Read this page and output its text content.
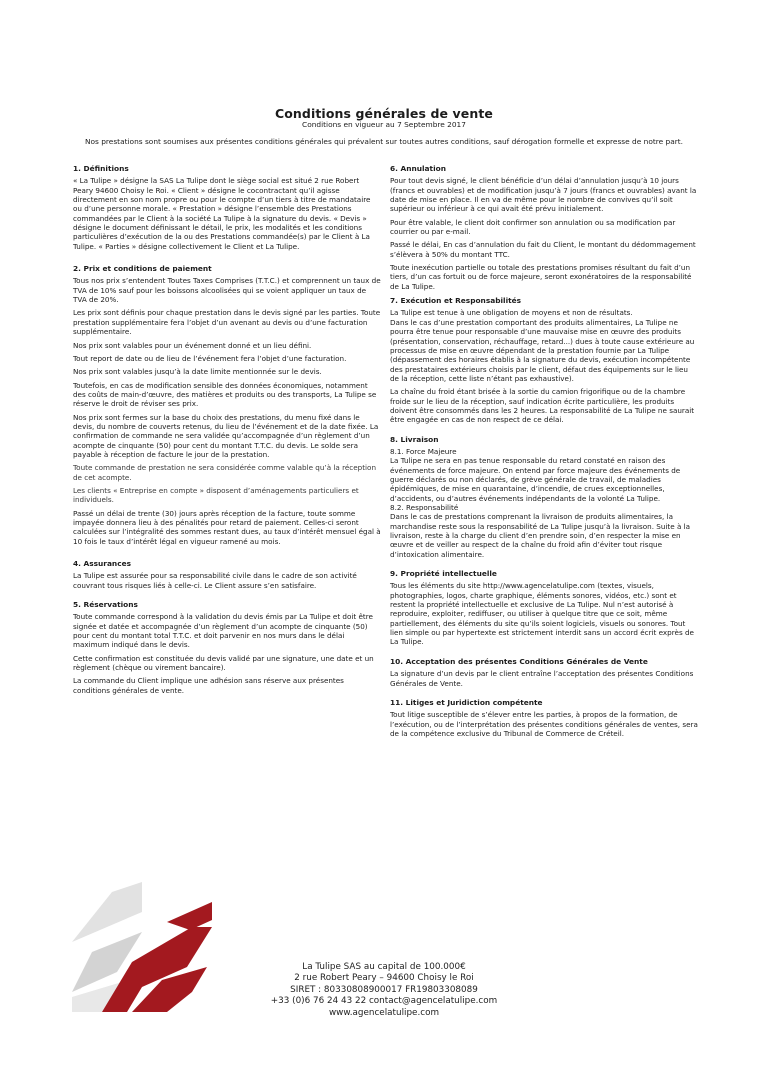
Conditions générales de vente
Conditions en vigueur au 7 Septembre 2017
Nos prestations sont soumises aux présentes conditions générales qui prévalent sur toutes autres conditions, sauf dérogation formelle et expresse de notre part.
1. Définitions

« La Tulipe » désigne la SAS La Tulipe dont le siège social est situé 2 rue Robert Peary 94600 Choisy le Roi. « Client » désigne le cocontractant qu’il agisse directement en son nom propre ou pour le compte d’un tiers à titre de mandataire ou d’une personne morale. « Prestation » désigne l’ensemble des Prestations commandées par le Client à la société La Tulipe à la signature du devis. « Devis » désigne le document définissant le détail, le prix, les modalités et les conditions particulières d’exécution de la ou des Prestations commandée(s) par le Client à La Tulipe. « Parties » désigne collectivement le Client et La Tulipe.

2. Prix et conditions de paiement

Tous nos prix s’entendent Toutes Taxes Comprises (T.T.C.) et comprennent un taux de TVA de 10% sauf pour les boissons alcoolisées qui se voient appliquer un taux de TVA de 20%.

Les prix sont définis pour chaque prestation dans le devis signé par les parties. Toute prestation supplémentaire fera l’objet d’un avenant au devis ou d’une facturation supplémentaire.

Nos prix sont valables pour un événement donné et un lieu défini.

Tout report de date ou de lieu de l’événement fera l’objet d’une facturation.

Nos prix sont valables jusqu’à la date limite mentionnée sur le devis.

Toutefois, en cas de modification sensible des données économiques, notamment des coûts de main-d’œuvre, des matières et produits ou des transports, La Tulipe se réserve le droit de réviser ses prix.

Nos prix sont fermes sur la base du choix des prestations, du menu fixé dans le devis, du nombre de couverts retenus, du lieu de l’événement et de la date fixée. La confirmation de commande ne sera validée qu’accompagnée d’un règlement d’un acompte de cinquante (50) pour cent du montant T.T.C. du devis. Le solde sera payable à réception de facture le jour de la prestation.

Toute commande de prestation ne sera considérée comme valable qu’à la réception de cet acompte.

Les clients « Entreprise en compte » disposent d’aménagements particuliers et individuels.

Passé un délai de trente (30) jours après réception de la facture, toute somme impayée donnera lieu à des pénalités pour retard de paiement. Celles-ci seront calculées sur l’intégralité des sommes restant dues, au taux d’intérêt mensuel égal à 10 fois le taux d’intérêt légal en vigueur ramené au mois.

4. Assurances

La Tulipe est assurée pour sa responsabilité civile dans le cadre de son activité couvrant tous risques liés à celle-ci. Le Client assure s’en satisfaire.

5. Réservations

Toute commande correspond à la validation du devis émis par La Tulipe et doit être signée et datée et accompagnée d’un règlement d’un acompte de cinquante (50) pour cent du montant total T.T.C. et doit parvenir en nos murs dans le délai maximum indiqué dans le devis.

Cette confirmation est constituée du devis validé par une signature, une date et un règlement (chèque ou virement bancaire).

La commande du Client implique une adhésion sans réserve aux présentes conditions générales de vente.

6. Annulation

Pour tout devis signé, le client bénéficie d’un délai d’annulation jusqu’à 10 jours (francs et ouvrables) et de modification jusqu’à 7 jours (francs et ouvrables) avant la date de mise en place. Il en va de même pour le nombre de convives qu’il soit supérieur ou inférieur à ce qui avait été prévu initialement.

Pour être valable, le client doit confirmer son annulation ou sa modification par courrier ou par e-mail.

Passé le délai, En cas d’annulation du fait du Client, le montant du dédommagement s’élèvera à 50% du montant TTC.

Toute inexécution partielle ou totale des prestations promises résultant du fait d’un tiers, d’un cas fortuit ou de force majeure, seront exonératoires de la responsabilité de La Tulipe.

7. Exécution et Responsabilités

La Tulipe est tenue à une obligation de moyens et non de résultats.

Dans le cas d’une prestation comportant des produits alimentaires, La Tulipe ne pourra être tenue pour responsable d’une mauvaise mise en œuvre des produits (présentation, conservation, réchauffage, retard...) dues à toute cause extérieure au processus de mise en œuvre dépendant de la prestation fournie par La Tulipe (dépassement des horaires établis à la signature du devis, exécution incompétente des prestataires extérieurs choisis par le client, défaut des équipements sur le lieu de la réception, cette liste n’étant pas exhaustive).

La chaîne du froid étant brisée à la sortie du camion frigorifique ou de la chambre froide sur le lieu de la réception, sauf indication écrite particulière, les produits doivent être consommés dans les 2 heures. La responsabilité de La Tulipe ne saurait être engagée en cas de non respect de ce délai.

8. Livraison

8.1. Force Majeure

La Tulipe ne sera en pas tenue responsable du retard constaté en raison des événements de force majeure. On entend par force majeure des événements de guerre déclarés ou non déclarés, de grève générale de travail, de maladies épidémiques, de mise en quarantaine, d’incendie, de crues exceptionnelles, d’accidents, ou d’autres événements indépendants de la volonté La Tulipe.

8.2. Responsabilité

Dans le cas de prestations comprenant la livraison de produits alimentaires, la marchandise reste sous la responsabilité de La Tulipe jusqu’à la livraison. Suite à la livraison, reste à la charge du client d’en prendre soin, d’en respecter la mise en œuvre et de veiller au respect de la chaîne du froid afin d’éviter tout risque d’intoxication alimentaire.

9. Propriété intellectuelle

Tous les éléments du site http://www.agencelatulipe.com (textes, visuels, photographies, logos, charte graphique, éléments sonores, vidéos, etc.) sont et restent la propriété intellectuelle et exclusive de La Tulipe. Nul n’est autorisé à reproduire, exploiter, rediffuser, ou utiliser à quelque titre que ce soit, même partiellement, des éléments du site qu’ils soient logiciels, visuels ou sonores. Tout lien simple ou par hypertexte est strictement interdit sans un accord écrit exprès de La Tulipe.

10. Acceptation des présentes Conditions Générales de Vente

La signature d’un devis par le client entraîne l’acceptation des présentes Conditions Générales de Vente.

11. Litiges et Juridiction compétente

Tout litige susceptible de s’élever entre les parties, à propos de la formation, de l’exécution, ou de l’interprétation des présentes conditions générales de ventes, sera de la compétence exclusive du Tribunal de Commerce de Créteil.

La Tulipe SAS au capital de 100.000€
2 rue Robert Peary – 94600 Choisy le Roi
SIRET : 80330808900017 FR19803308089
+33 (0)6 76 24 43 22 contact@agencelatulipe.com
www.agencelatulipe.com
